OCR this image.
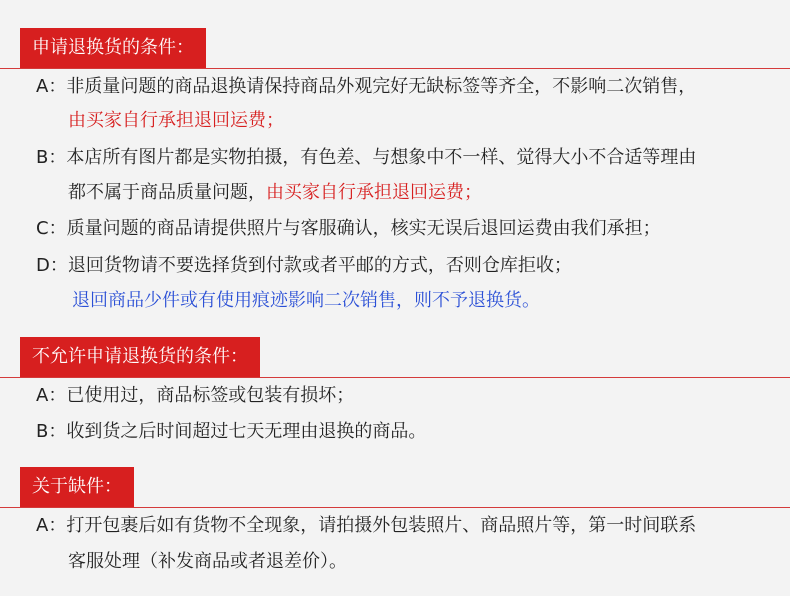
申请退换货的条件：
A：非质量问题的商品退换请保持商品外观完好无缺标签等齐全，不影响二次销售，
由买家自行承担退回运费；
B：本店所有图片都是实物拍摄，有色差、与想象中不一样、觉得大小不合适等理由
都不属于商品质量问题，由买家自行承担退回运费；
C：质量问题的商品请提供照片与客服确认，核实无误后退回运费由我们承担；
D：退回货物请不要选择货到付款或者平邮的方式，否则仓库拒收；
退回商品少件或有使用痕迹影响二次销售，则不予退换货。
不允许申请退换货的条件：
A：已使用过，商品标签或包装有损坏；
B：收到货之后时间超过七天无理由退换的商品。
关于缺件：
A：打开包裹后如有货物不全现象，请拍摄外包装照片、商品照片等，第一时间联系
客服处理（补发商品或者退差价）。
